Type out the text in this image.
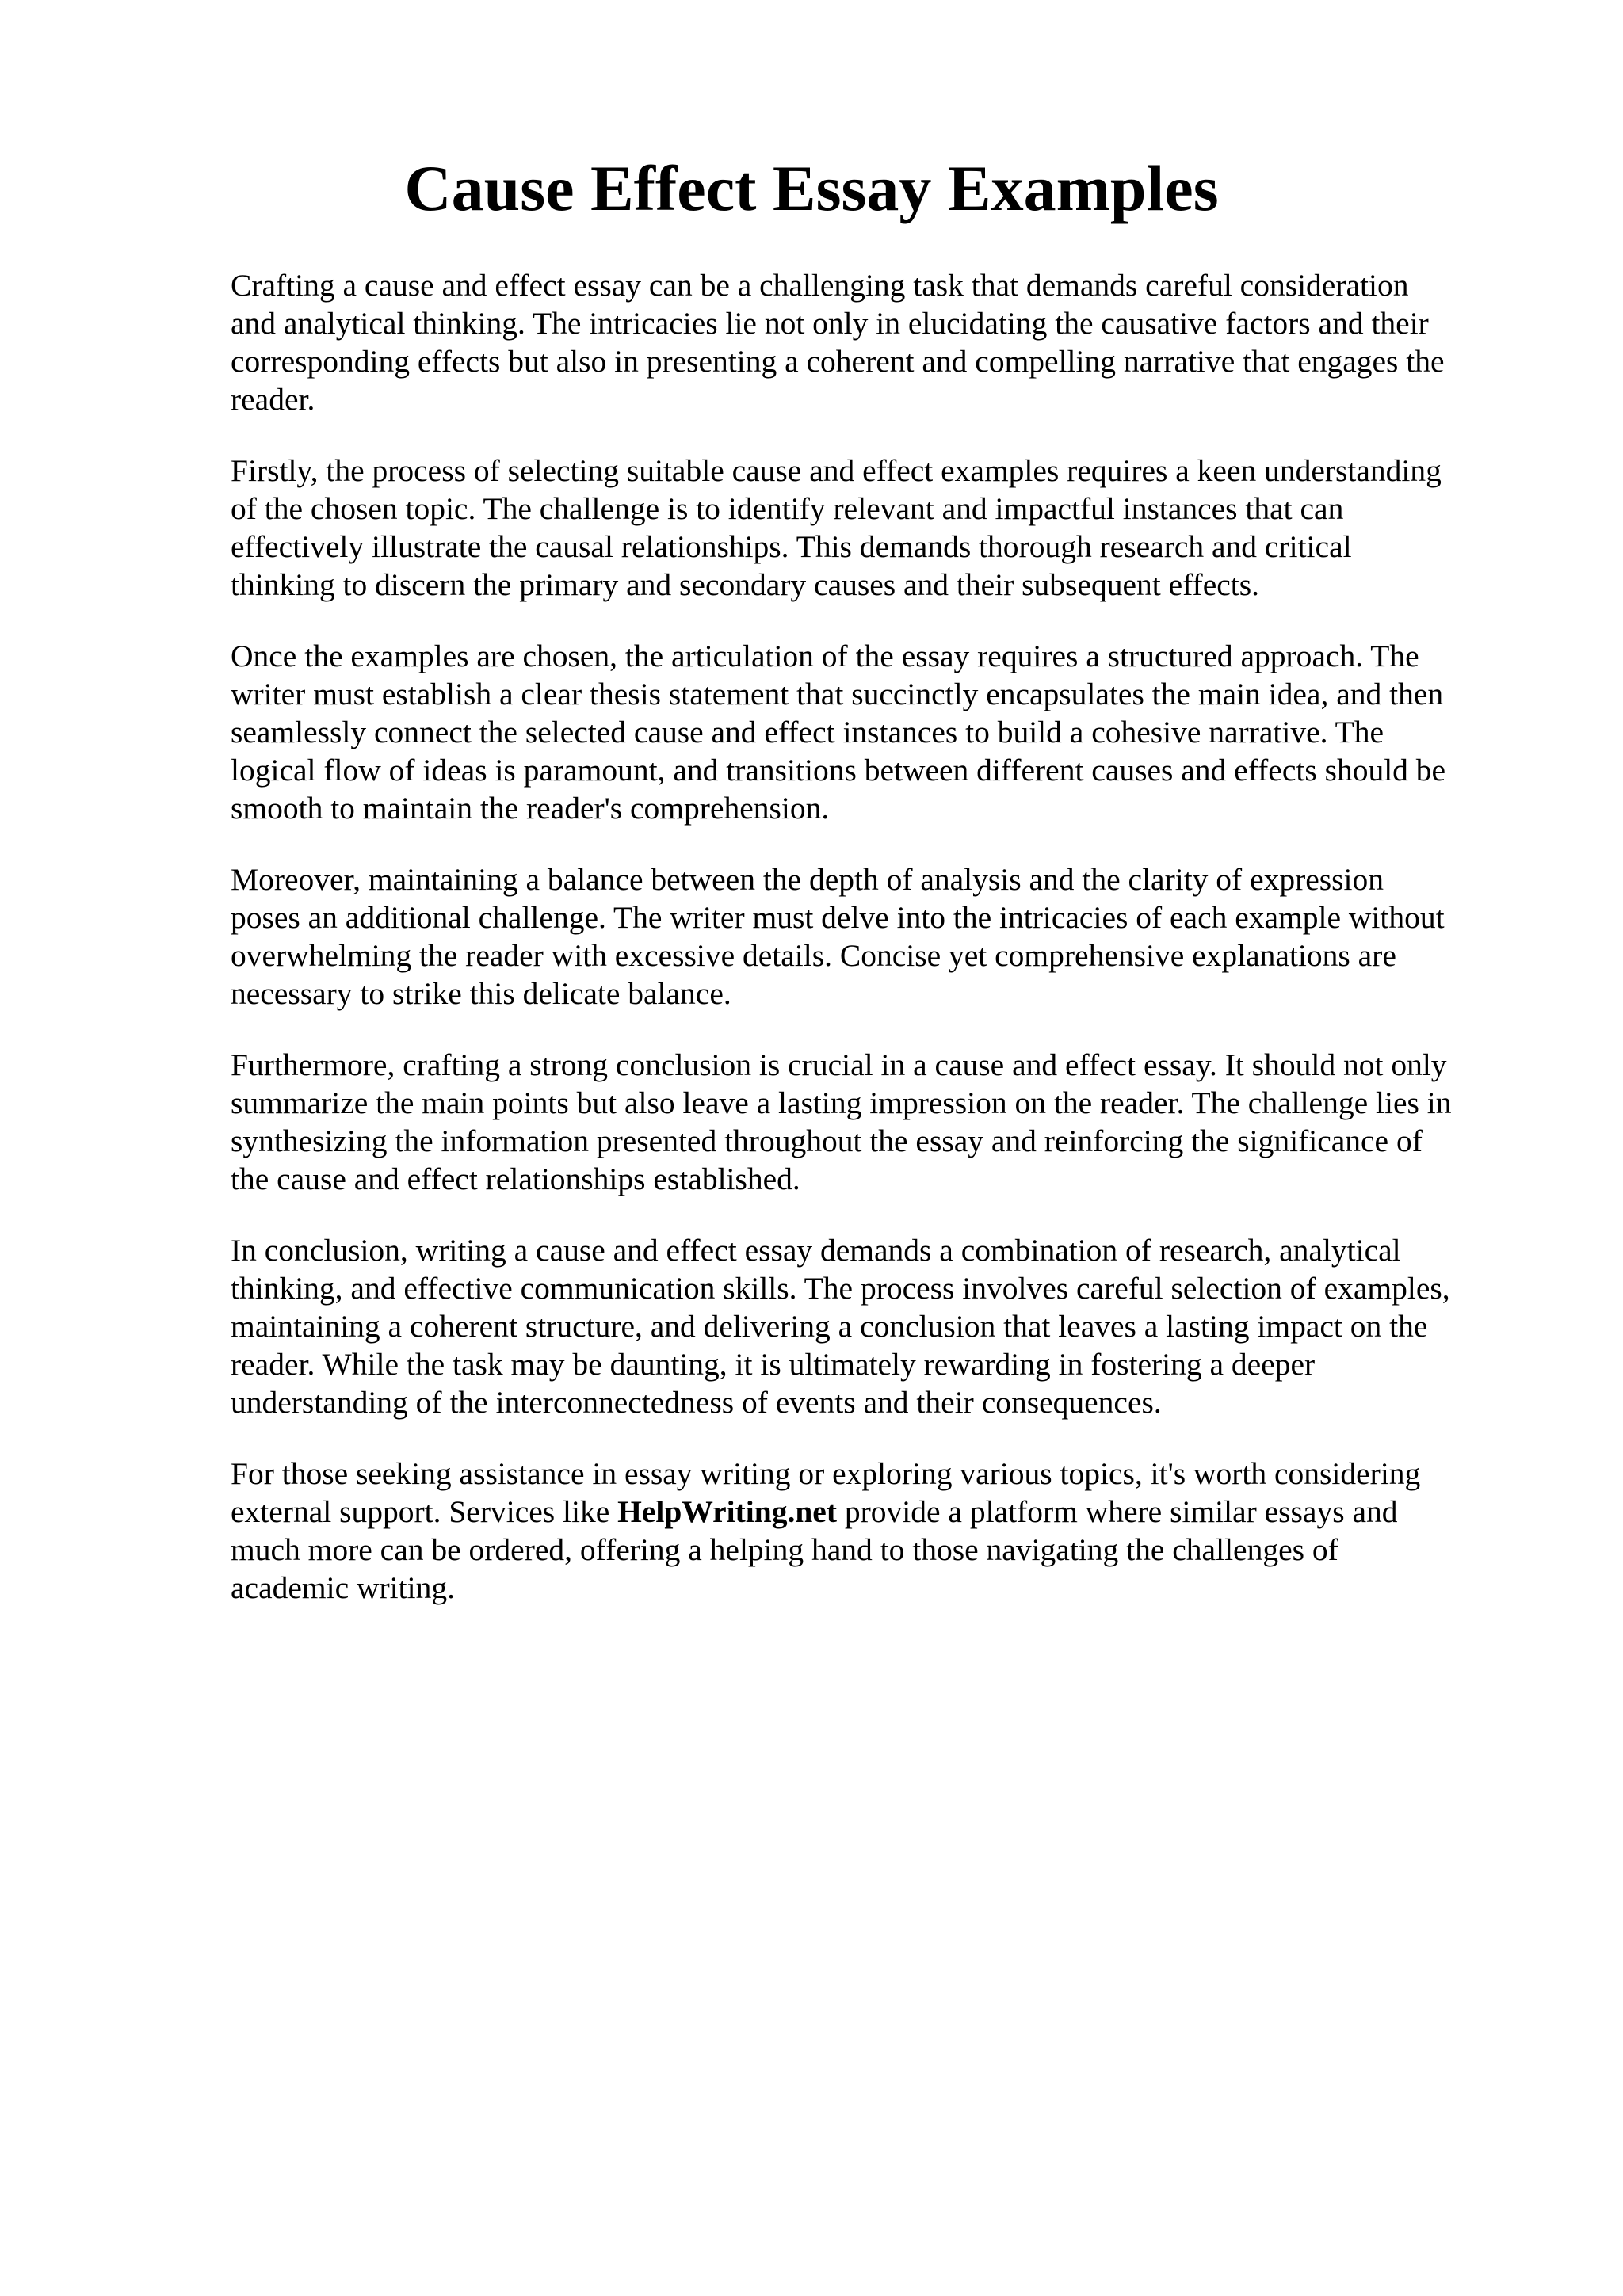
Cause Effect Essay Examples

Crafting a cause and effect essay can be a challenging task that demands careful consideration
and analytical thinking. The intricacies lie not only in elucidating the causative factors and their
corresponding effects but also in presenting a coherent and compelling narrative that engages the
reader.

Firstly, the process of selecting suitable cause and effect examples requires a keen understanding
of the chosen topic. The challenge is to identify relevant and impactful instances that can
effectively illustrate the causal relationships. This demands thorough research and critical
thinking to discern the primary and secondary causes and their subsequent effects.

Once the examples are chosen, the articulation of the essay requires a structured approach. The
writer must establish a clear thesis statement that succinctly encapsulates the main idea, and then
seamlessly connect the selected cause and effect instances to build a cohesive narrative. The
logical flow of ideas is paramount, and transitions between different causes and effects should be
smooth to maintain the reader's comprehension.

Moreover, maintaining a balance between the depth of analysis and the clarity of expression
poses an additional challenge. The writer must delve into the intricacies of each example without
overwhelming the reader with excessive details. Concise yet comprehensive explanations are
necessary to strike this delicate balance.

Furthermore, crafting a strong conclusion is crucial in a cause and effect essay. It should not only
summarize the main points but also leave a lasting impression on the reader. The challenge lies in
synthesizing the information presented throughout the essay and reinforcing the significance of
the cause and effect relationships established.

In conclusion, writing a cause and effect essay demands a combination of research, analytical
thinking, and effective communication skills. The process involves careful selection of examples,
maintaining a coherent structure, and delivering a conclusion that leaves a lasting impact on the
reader. While the task may be daunting, it is ultimately rewarding in fostering a deeper
understanding of the interconnectedness of events and their consequences.

For those seeking assistance in essay writing or exploring various topics, it's worth considering
external support. Services like HelpWriting.net provide a platform where similar essays and
much more can be ordered, offering a helping hand to those navigating the challenges of
academic writing.
